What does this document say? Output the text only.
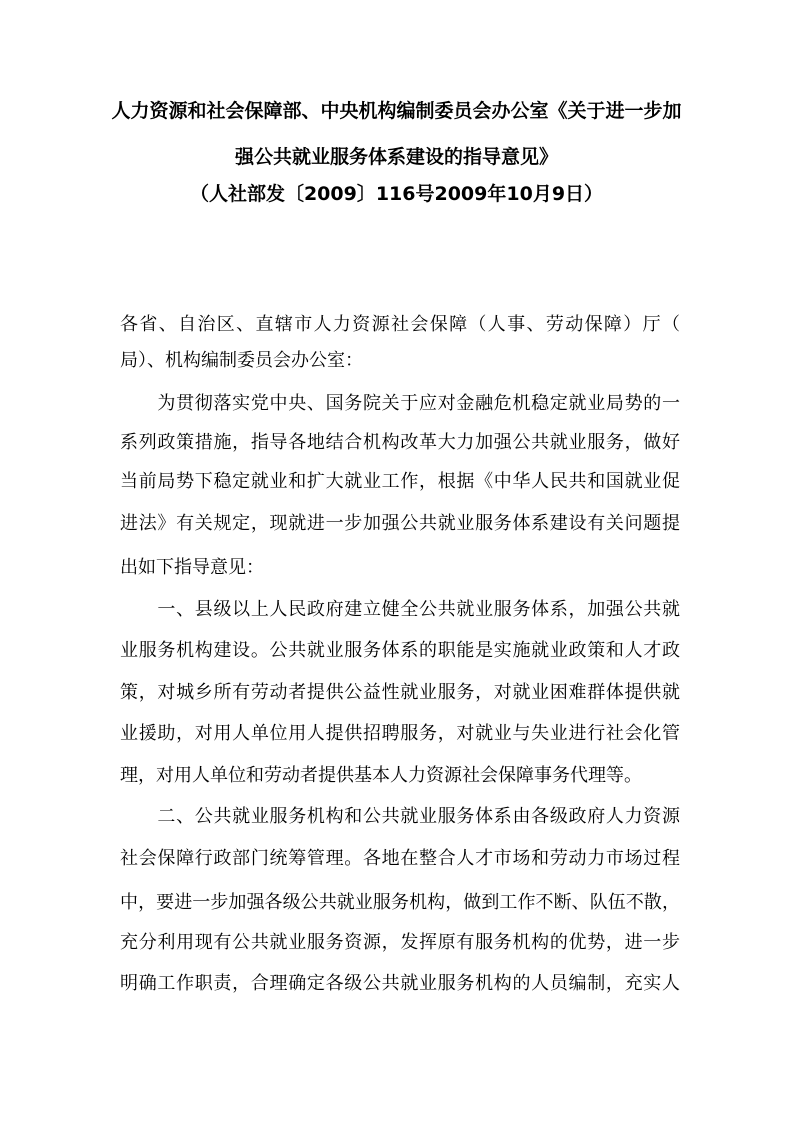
人力资源和社会保障部、中央机构编制委员会办公室《关于进一步加
强公共就业服务体系建设的指导意见》
（人社部发〔2009〕116号2009年10月9日）
各省、自治区、直辖市人力资源社会保障（人事、劳动保障）厅（
局）、机构编制委员会办公室：
　　为贯彻落实党中央、国务院关于应对金融危机稳定就业局势的一
系列政策措施，指导各地结合机构改革大力加强公共就业服务，做好
当前局势下稳定就业和扩大就业工作，根据《中华人民共和国就业促
进法》有关规定，现就进一步加强公共就业服务体系建设有关问题提
出如下指导意见：
　　一、县级以上人民政府建立健全公共就业服务体系，加强公共就
业服务机构建设。公共就业服务体系的职能是实施就业政策和人才政
策，对城乡所有劳动者提供公益性就业服务，对就业困难群体提供就
业援助，对用人单位用人提供招聘服务，对就业与失业进行社会化管
理，对用人单位和劳动者提供基本人力资源社会保障事务代理等。
　　二、公共就业服务机构和公共就业服务体系由各级政府人力资源
社会保障行政部门统筹管理。各地在整合人才市场和劳动力市场过程
中，要进一步加强各级公共就业服务机构，做到工作不断、队伍不散，
充分利用现有公共就业服务资源，发挥原有服务机构的优势，进一步
明确工作职责，合理确定各级公共就业服务机构的人员编制，充实人
